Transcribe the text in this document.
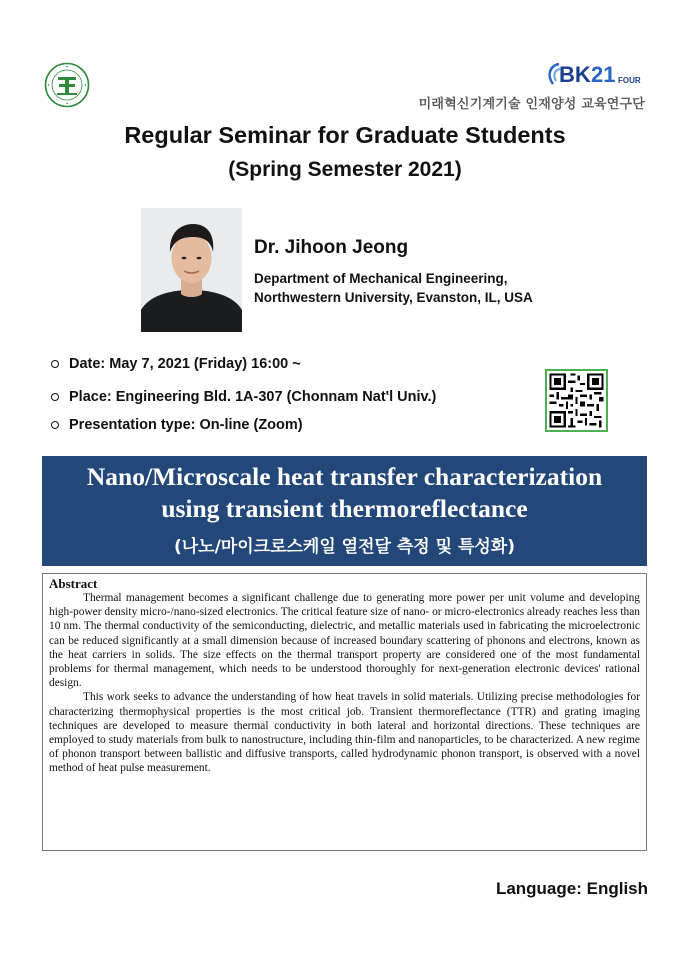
BK 21 FOUR
미래혁신기계기술 인재양성 교육연구단
Regular Seminar for Graduate Students
(Spring Semester 2021)
Dr. Jihoon Jeong
Department of Mechanical Engineering,
Northwestern University, Evanston, IL, USA
Date: May 7, 2021 (Friday) 16:00 ~
Place: Engineering Bld. 1A-307 (Chonnam Nat'l Univ.)
Presentation type: On-line (Zoom)
Nano/Microscale heat transfer characterization
using transient thermoreflectance
(나노/마이크로스케일 열전달 측정 및 특성화)
Abstract

Thermal management becomes a significant challenge due to generating more power per unit volume and developing high-power density micro-/nano-sized electronics. The critical feature size of nano- or micro-electronics already reaches less than 10 nm. The thermal conductivity of the semiconducting, dielectric, and metallic materials used in fabricating the microelectronic can be reduced significantly at a small dimension because of increased boundary scattering of phonons and electrons, known as the heat carriers in solids. The size effects on the thermal transport property are considered one of the most fundamental problems for thermal management, which needs to be understood thoroughly for next-generation electronic devices' rational design.

This work seeks to advance the understanding of how heat travels in solid materials. Utilizing precise methodologies for characterizing thermophysical properties is the most critical job. Transient thermoreflectance (TTR) and grating imaging techniques are developed to measure thermal conductivity in both lateral and horizontal directions. These techniques are employed to study materials from bulk to nanostructure, including thin-film and nanoparticles, to be characterized. A new regime of phonon transport between ballistic and diffusive transports, called hydrodynamic phonon transport, is observed with a novel method of heat pulse measurement.

Language: English
